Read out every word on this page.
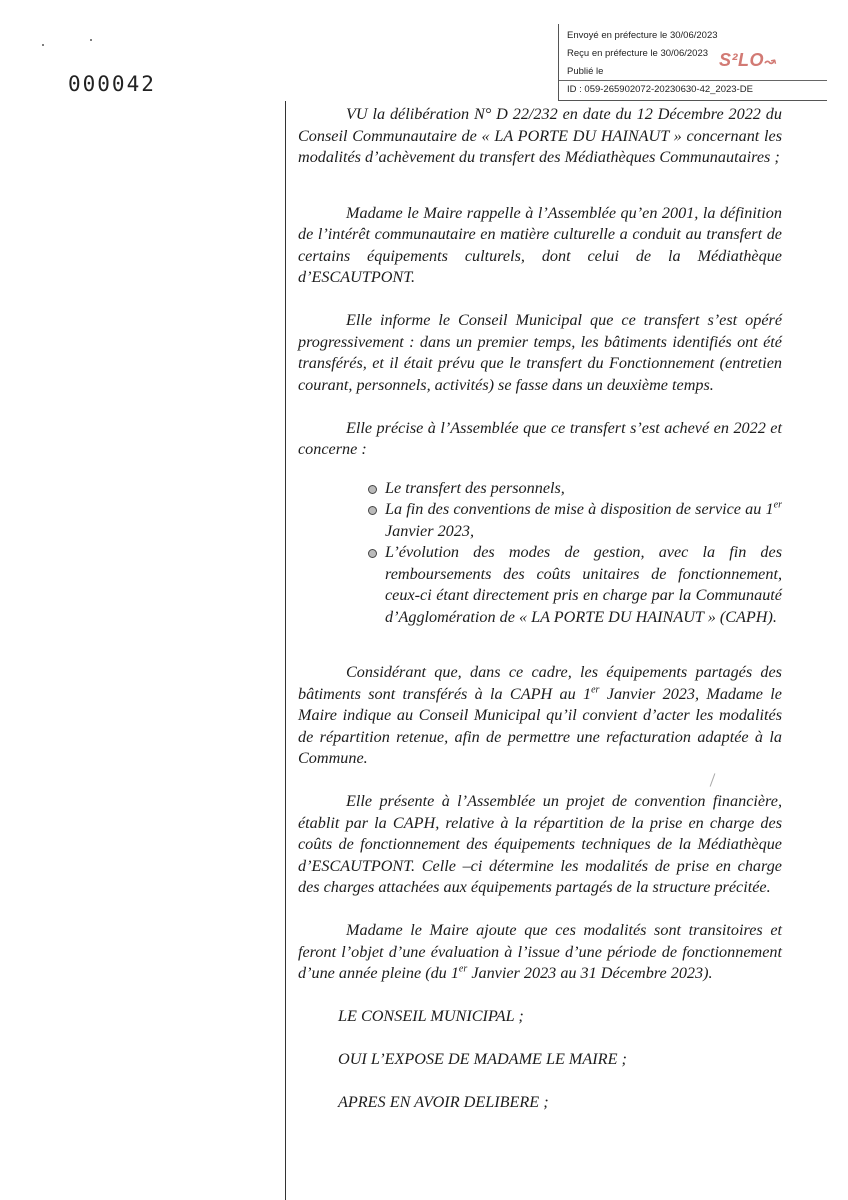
000042
Envoyé en préfecture le 30/06/2023
Reçu en préfecture le 30/06/2023
Publié le
ID : 059-265902072-20230630-42_2023-DE
S²LO↝

VU la délibération N° D 22/232 en date du 12 Décembre 2022 du Conseil Communautaire de « LA PORTE DU HAINAUT » concernant les modalités d’achèvement du transfert des Médiathèques Communautaires ;

Madame le Maire rappelle à l’Assemblée qu’en 2001, la définition de l’intérêt communautaire en matière culturelle a conduit au transfert de certains équipements culturels, dont celui de la Médiathèque d’ESCAUTPONT.

Elle informe le Conseil Municipal que ce transfert s’est opéré progressivement : dans un premier temps, les bâtiments identifiés ont été transférés, et il était prévu que le transfert du Fonctionnement (entretien courant, personnels, activités) se fasse dans un deuxième temps.

Elle précise à l’Assemblée que ce transfert s’est achevé en 2022 et concerne :

Le transfert des personnels,
La fin des conventions de mise à disposition de service au 1er Janvier 2023,
L’évolution des modes de gestion, avec la fin des remboursements des coûts unitaires de fonctionnement, ceux-ci étant directement pris en charge par la Communauté d’Agglomération de « LA PORTE DU HAINAUT » (CAPH).

Considérant que, dans ce cadre, les équipements partagés des bâtiments sont transférés à la CAPH au 1er Janvier 2023, Madame le Maire indique au Conseil Municipal qu’il convient d’acter les modalités de répartition retenue, afin de permettre une refacturation adaptée à la Commune.

Elle présente à l’Assemblée un projet de convention financière, établit par la CAPH, relative à la répartition de la prise en charge des coûts de fonctionnement des équipements techniques de la Médiathèque d’ESCAUTPONT. Celle –ci détermine les modalités de prise en charge des charges attachées aux équipements partagés de la structure précitée.

Madame le Maire ajoute que ces modalités sont transitoires et feront l’objet d’une évaluation à l’issue d’une période de fonctionnement d’une année pleine (du 1er Janvier 2023 au 31 Décembre 2023).

LE CONSEIL MUNICIPAL ;

OUI L’EXPOSE DE MADAME LE MAIRE ;

APRES EN AVOIR DELIBERE ;
